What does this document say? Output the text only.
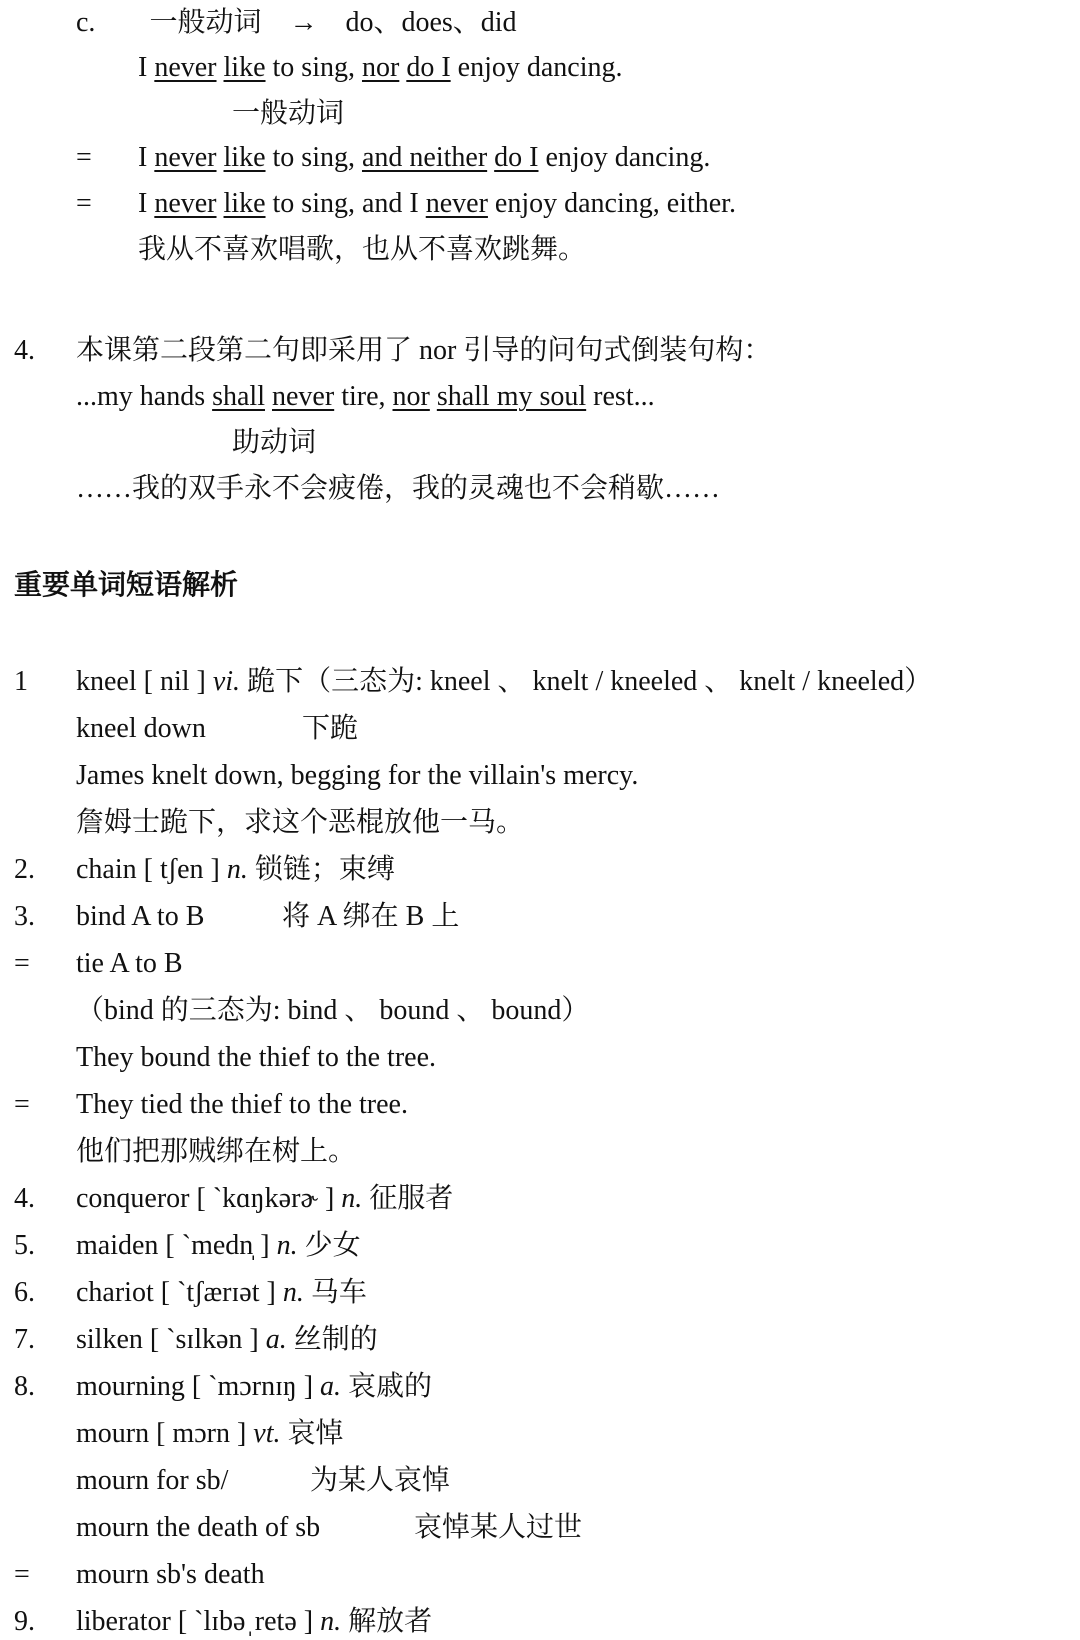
c. 一般动词 → do、does、did
I never like to sing, nor do I enjoy dancing.
一般动词
= I never like to sing, and neither do I enjoy dancing.
= I never like to sing, and I never enjoy dancing, either.
我从不喜欢唱歌，也从不喜欢跳舞。
4. 本课第二段第二句即采用了 nor 引导的问句式倒装句构：
...my hands shall never tire, nor shall my soul rest...
助动词
……我的双手永不会疲倦，我的灵魂也不会稍歇……
重要单词短语解析
1 kneel [ nil ] vi. 跪下（三态为: kneel 、 knelt / kneeled 、 knelt / kneeled）
kneel down	下跪
James knelt down, begging for the villain's mercy.
詹姆士跪下，求这个恶棍放他一马。
2. chain [ tʃen ] n. 锁链；束缚
3. bind A to B	将 A 绑在 B 上
= tie A to B
（bind 的三态为: bind 、 bound 、 bound）
They bound the thief to the tree.
= They tied the thief to the tree.
他们把那贼绑在树上。
4. conqueror [ ˋkɑŋkərɚ ] n. 征服者
5. maiden [ ˋmedn̩ ] n. 少女
6. chariot [ ˋtʃærɪət ] n. 马车
7. silken [ ˋsɪlkən ] a. 丝制的
8. mourning [ ˋmɔrnɪŋ ] a. 哀戚的
mourn [ mɔrn ] vt. 哀悼
mourn for sb/	为某人哀悼
mourn the death of sb	哀悼某人过世
= mourn sb's death
9. liberator [ ˋlɪbəˌretə ] n. 解放者
